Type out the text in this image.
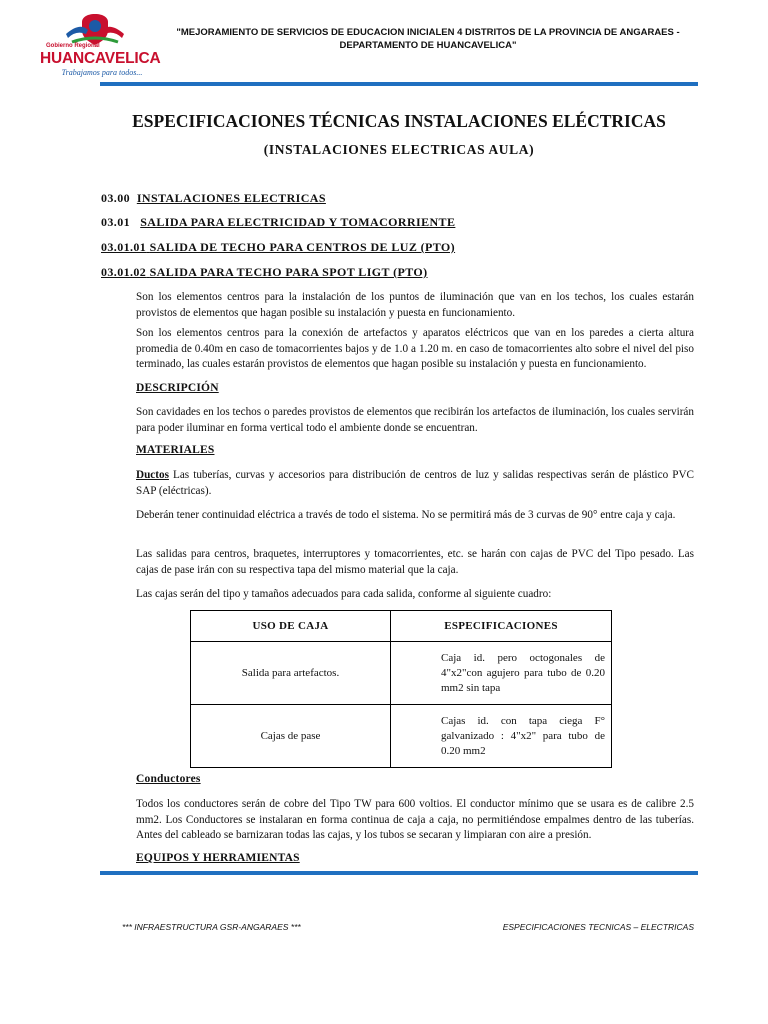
Gobierno Regional
HUANCAVELICA
Trabajamos para todos...
"MEJORAMIENTO DE SERVICIOS DE EDUCACION INICIALEN 4 DISTRITOS DE LA PROVINCIA DE ANGARAES - DEPARTAMENTO DE HUANCAVELICA"
ESPECIFICACIONES TÉCNICAS INSTALACIONES ELÉCTRICAS
(INSTALACIONES ELECTRICAS AULA)
03.00 INSTALACIONES ELECTRICAS
03.01 SALIDA PARA ELECTRICIDAD Y TOMACORRIENTE
03.01.01 SALIDA DE TECHO PARA CENTROS DE LUZ (PTO)
03.01.02 SALIDA PARA TECHO PARA SPOT LIGT (PTO)
Son los elementos centros para la instalación de los puntos de iluminación que van en los techos, los cuales estarán provistos de elementos que hagan posible su instalación y puesta en funcionamiento.
Son los elementos centros para la conexión de artefactos y aparatos eléctricos que van en los paredes a cierta altura promedia de 0.40m en caso de tomacorrientes bajos y de 1.0 a 1.20 m. en caso de tomacorrientes alto sobre el nivel del piso terminado, las cuales estarán provistos de elementos que hagan posible su instalación y puesta en funcionamiento.
DESCRIPCIÓN
Son cavidades en los techos o paredes provistos de elementos que recibirán los artefactos de iluminación, los cuales servirán para poder iluminar en forma vertical todo el ambiente donde se encuentran.
MATERIALES
Ductos Las tuberías, curvas y accesorios para distribución de centros de luz y salidas respectivas serán de plástico PVC SAP (eléctricas).
Deberán tener continuidad eléctrica a través de todo el sistema. No se permitirá más de 3 curvas de 90° entre caja y caja.
Las salidas para centros, braquetes, interruptores y tomacorrientes, etc. se harán con cajas de PVC del Tipo pesado. Las cajas de pase irán con su respectiva tapa del mismo material que la caja.
Las cajas serán del tipo y tamaños adecuados para cada salida, conforme al siguiente cuadro:
USO DE CAJA	ESPECIFICACIONES
Salida para artefactos.	Caja id. pero octogonales de 4"x2"con agujero para tubo de 0.20 mm2 sin tapa
Cajas de pase	Cajas id. con tapa ciega F° galvanizado : 4"x2" para tubo de 0.20 mm2
Conductores
Todos los conductores serán de cobre del Tipo TW para 600 voltios. El conductor mínimo que se usara es de calibre 2.5 mm2. Los Conductores se instalaran en forma continua de caja a caja, no permitiéndose empalmes dentro de las tuberías. Antes del cableado se barnizaran todas las cajas, y los tubos se secaran y limpiaran con aire a presión.
EQUIPOS Y HERRAMIENTAS
*** INFRAESTRUCTURA GSR-ANGARAES ***	ESPECIFICACIONES TECNICAS – ELECTRICAS
